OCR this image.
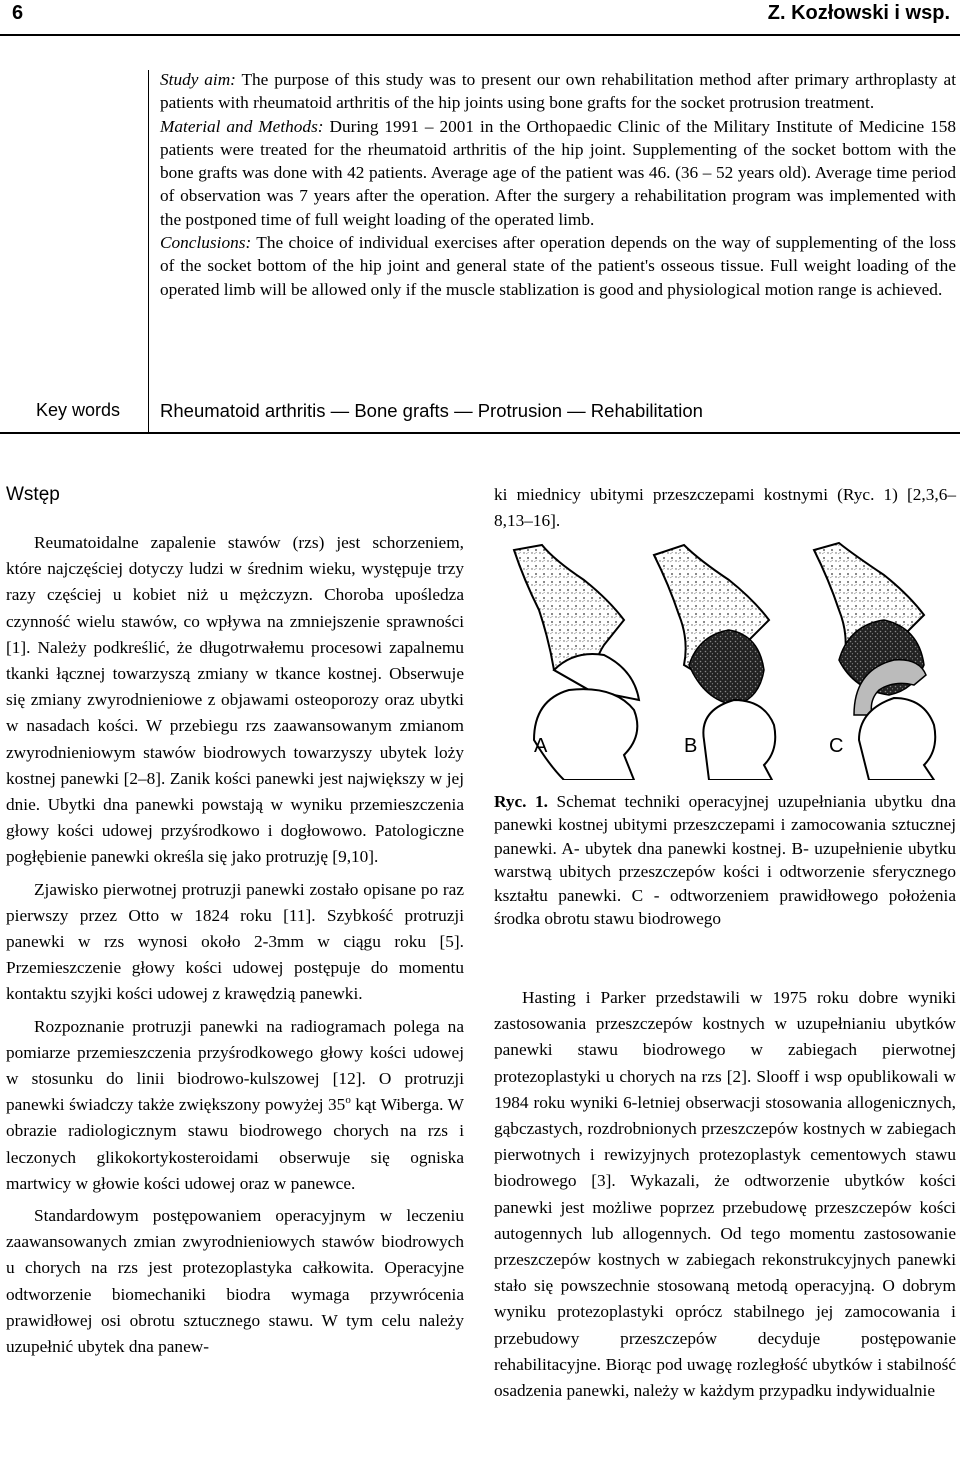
6	Z. Kozłowski i wsp.

Study aim: The purpose of this study was to present our own rehabilitation method after primary arthroplasty at patients with rheumatoid arthritis of the hip joints using bone grafts for the socket protrusion treatment.

Material and Methods: During 1991 – 2001 in the Orthopaedic Clinic of the Military Institute of Medicine 158 patients were treated for the rheumatoid arthritis of the hip joint. Supplementing of the socket bottom with the bone grafts was done with 42 patients. Average age of the patient was 46. (36 – 52 years old). Average time period of observation was 7 years after the operation. After the surgery a rehabilitation program was implemented with the postponed time of full weight loading of the operated limb.

Conclusions: The choice of individual exercises after operation depends on the way of supplementing of the loss of the socket bottom of the hip joint and general state of the patient's osseous tissue. Full weight loading of the operated limb will be allowed only if the muscle stablization is good and physiological motion range is achieved.

Key words Rheumatoid arthritis — Bone grafts — Protrusion — Rehabilitation
Wstęp

Reumatoidalne zapalenie stawów (rzs) jest schorzeniem, które najczęściej dotyczy ludzi w średnim wieku, występuje trzy razy częściej u kobiet niż u mężczyzn. Choroba upośledza czynność wielu stawów, co wpływa na zmniejszenie sprawności [1]. Należy podkreślić, że długotrwałemu procesowi zapalnemu tkanki łącznej towarzyszą zmiany w tkance kostnej. Obserwuje się zmiany zwyrodnieniowe z objawami osteoporozy oraz ubytki w nasadach kości. W przebiegu rzs zaawansowanym zmianom zwyrodnieniowym stawów biodrowych towarzyszy ubytek loży kostnej panewki [2–8]. Zanik kości panewki jest największy w jej dnie. Ubytki dna panewki powstają w wyniku przemieszczenia głowy kości udowej przyśrodkowo i dogłowowo. Patologiczne pogłębienie panewki określa się jako protruzję [9,10].

Zjawisko pierwotnej protruzji panewki zostało opisane po raz pierwszy przez Otto w 1824 roku [11]. Szybkość protruzji panewki w rzs wynosi około 2-3mm w ciągu roku [5]. Przemieszczenie głowy kości udowej postępuje do momentu kontaktu szyjki kości udowej z krawędzią panewki.

Rozpoznanie protruzji panewki na radiogramach polega na pomiarze przemieszczenia przyśrodkowego głowy kości udowej w stosunku do linii biodrowo-kulszowej [12]. O protruzji panewki świadczy także zwiększony powyżej 35$^o$ kąt Wiberga. W obrazie radiologicznym stawu biodrowego chorych na rzs i leczonych glikokortykosteroidami obserwuje się ogniska martwicy w głowie kości udowej oraz w panewce.

Standardowym postępowaniem operacyjnym w leczeniu zaawansowanych zmian zwyrodnieniowych stawów biodrowych u chorych na rzs jest protezoplastyka całkowita. Operacyjne odtworzenie biomechaniki biodra wymaga przywrócenia prawidłowej osi obrotu sztucznego stawu. W tym celu należy uzupełnić ubytek dna panew-

ki miednicy ubitymi przeszczepami kostnymi (Ryc. 1) [2,3,6–8,13–16].

A	B	C
Ryc. 1. Schemat techniki operacyjnej uzupełniania ubytku dna panewki kostnej ubitymi przeszczepami i zamocowania sztucznej panewki. A- ubytek dna panewki kostnej. B- uzupełnienie ubytku warstwą ubitych przeszczepów kości i odtworzenie sferycznego kształtu panewki. C - odtworzeniem prawidłowego położenia środka obrotu stawu biodrowego

Hasting i Parker przedstawili w 1975 roku dobre wyniki zastosowania przeszczepów kostnych w uzupełnianiu ubytków panewki stawu biodrowego w zabiegach pierwotnej protezoplastyki u chorych na rzs [2]. Slooff i wsp opublikowali w 1984 roku wyniki 6-letniej obserwacji stosowania allogenicznych, gąbczastych, rozdrobnionych przeszczepów kostnych w zabiegach pierwotnych i rewizyjnych protezoplastyk cementowych stawu biodrowego [3]. Wykazali, że odtworzenie ubytków kości panewki jest możliwe poprzez przebudowę przeszczepów kości autogennych lub allogennych. Od tego momentu zastosowanie przeszczepów kostnych w zabiegach rekonstrukcyjnych panewki stało się powszechnie stosowaną metodą operacyjną. O dobrym wyniku protezoplastyki oprócz stabilnego jej zamocowania i przebudowy przeszczepów decyduje postępowanie rehabilitacyjne. Biorąc pod uwagę rozległość ubytków i stabilność osadzenia panewki, należy w każdym przypadku indywidualnie
